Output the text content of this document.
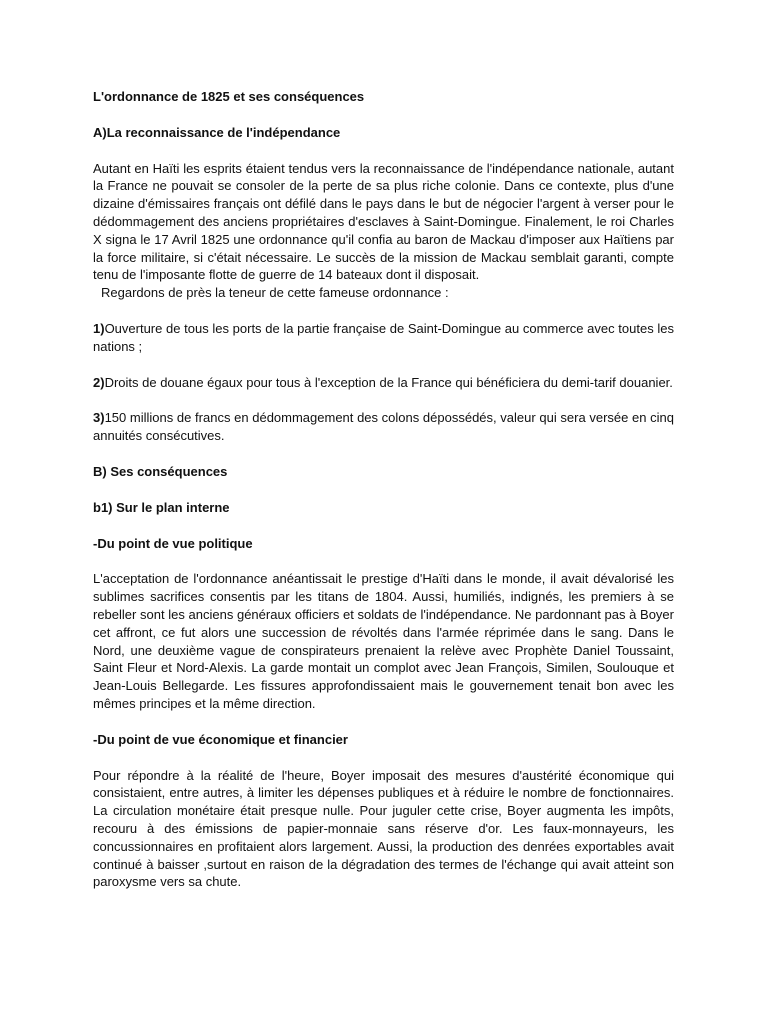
L'ordonnance de 1825 et ses conséquences

A)La reconnaissance de l'indépendance

Autant en Haïti les esprits étaient tendus vers la reconnaissance de l'indépendance nationale, autant la France ne pouvait se consoler de la perte de sa plus riche colonie. Dans ce contexte, plus d'une dizaine d'émissaires français ont défilé dans le pays dans le but de négocier l'argent à verser pour le dédommagement des anciens propriétaires d'esclaves à Saint-Domingue. Finalement, le roi Charles X signa le 17 Avril 1825 une ordonnance qu'il confia au baron de Mackau d'imposer aux Haïtiens par la force militaire, si c'était nécessaire. Le succès de la mission de Mackau semblait garanti, compte tenu de l'imposante flotte de guerre de 14 bateaux dont il disposait.

Regardons de près la teneur de cette fameuse ordonnance :

1)Ouverture de tous les ports de la partie française de Saint-Domingue au commerce avec toutes les nations ;

2)Droits de douane égaux pour tous à l'exception de la France qui bénéficiera du demi-tarif douanier.

3)150 millions de francs en dédommagement des colons dépossédés, valeur qui sera versée en cinq annuités consécutives.

B) Ses conséquences

b1) Sur le plan interne

-Du point de vue politique

L'acceptation de l'ordonnance anéantissait le prestige d'Haïti dans le monde, il avait dévalorisé les sublimes sacrifices consentis par les titans de 1804. Aussi, humiliés, indignés, les premiers à se rebeller sont les anciens généraux officiers et soldats de l'indépendance. Ne pardonnant pas à Boyer cet affront, ce fut alors une succession de révoltés dans l'armée réprimée dans le sang. Dans le Nord, une deuxième vague de conspirateurs prenaient la relève avec Prophète Daniel Toussaint, Saint Fleur et Nord-Alexis. La garde montait un complot avec Jean François, Similen, Soulouque et Jean-Louis Bellegarde. Les fissures approfondissaient mais le gouvernement tenait bon avec les mêmes principes et la même direction.

-Du point de vue économique et financier

Pour répondre à la réalité de l'heure, Boyer imposait des mesures d'austérité économique qui consistaient, entre autres, à limiter les dépenses publiques et à réduire le nombre de fonctionnaires. La circulation monétaire était presque nulle. Pour juguler cette crise, Boyer augmenta les impôts, recouru à des émissions de papier-monnaie sans réserve d'or. Les faux-monnayeurs, les concussionnaires en profitaient alors largement. Aussi, la production des denrées exportables avait continué à baisser ,surtout en raison de la dégradation des termes de l'échange qui avait atteint son paroxysme vers sa chute.
